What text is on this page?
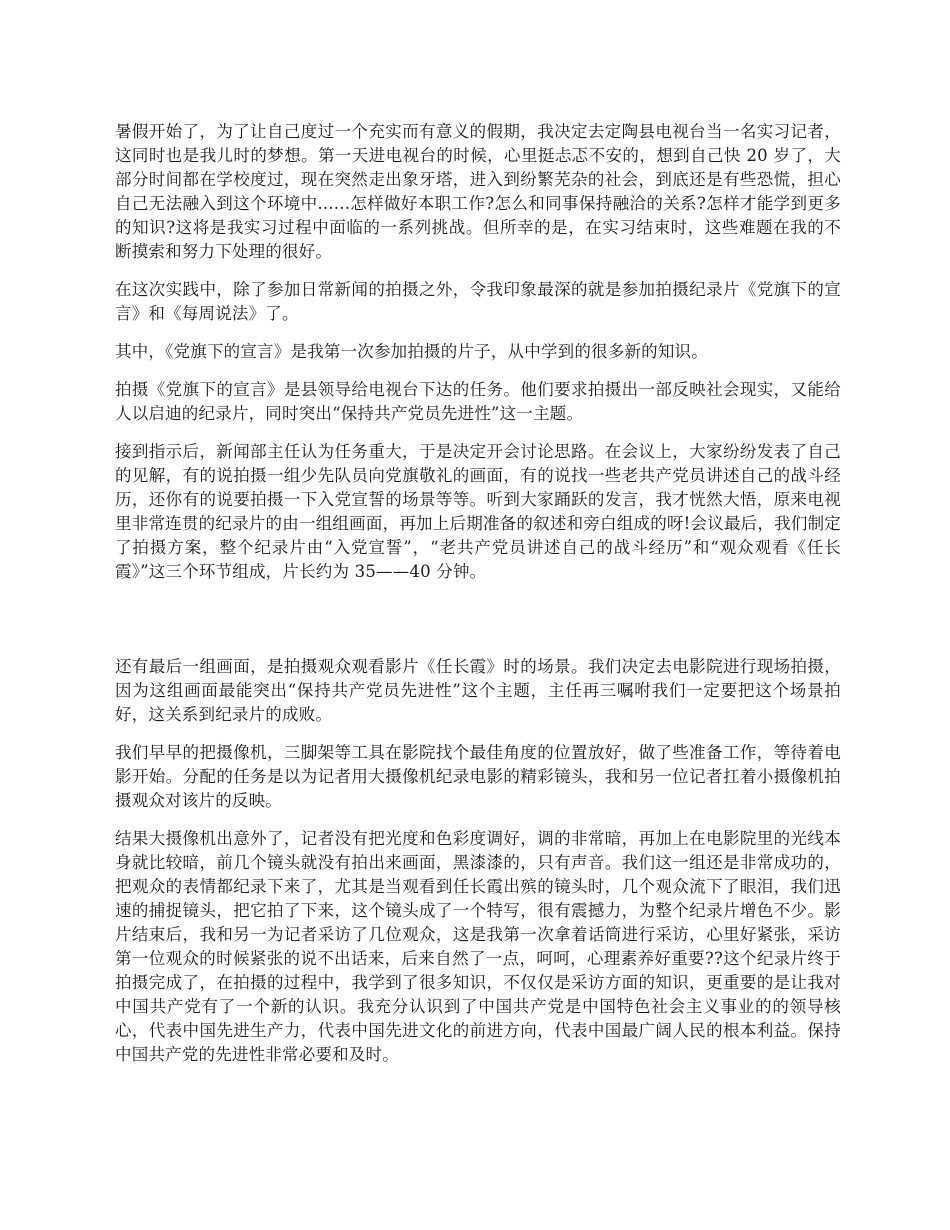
暑假开始了，为了让自己度过一个充实而有意义的假期，我决定去定陶县电视台当一名实习记者，这同时也是我儿时的梦想。第一天进电视台的时候，心里挺忐忑不安的，想到自己快 20 岁了，大部分时间都在学校度过，现在突然走出象牙塔，进入到纷繁芜杂的社会，到底还是有些恐慌，担心自己无法融入到这个环境中......怎样做好本职工作?怎么和同事保持融洽的关系?怎样才能学到更多的知识?这将是我实习过程中面临的一系列挑战。但所幸的是，在实习结束时，这些难题在我的不断摸索和努力下处理的很好。

在这次实践中，除了参加日常新闻的拍摄之外，令我印象最深的就是参加拍摄纪录片《党旗下的宣言》和《每周说法》了。

其中，《党旗下的宣言》是我第一次参加拍摄的片子，从中学到的很多新的知识。

拍摄《党旗下的宣言》是县领导给电视台下达的任务。他们要求拍摄出一部反映社会现实，又能给人以启迪的纪录片，同时突出“保持共产党员先进性”这一主题。

接到指示后，新闻部主任认为任务重大，于是决定开会讨论思路。在会议上，大家纷纷发表了自己的见解，有的说拍摄一组少先队员向党旗敬礼的画面，有的说找一些老共产党员讲述自己的战斗经历，还你有的说要拍摄一下入党宣誓的场景等等。听到大家踊跃的发言，我才恍然大悟，原来电视里非常连贯的纪录片的由一组组画面，再加上后期准备的叙述和旁白组成的呀!会议最后，我们制定了拍摄方案，整个纪录片由“入党宣誓”，“老共产党员讲述自己的战斗经历”和“观众观看《任长霞》”这三个环节组成，片长约为 35——40 分钟。

还有最后一组画面，是拍摄观众观看影片《任长霞》时的场景。我们决定去电影院进行现场拍摄，因为这组画面最能突出“保持共产党员先进性”这个主题，主任再三嘱咐我们一定要把这个场景拍好，这关系到纪录片的成败。

我们早早的把摄像机，三脚架等工具在影院找个最佳角度的位置放好，做了些准备工作，等待着电影开始。分配的任务是以为记者用大摄像机纪录电影的精彩镜头，我和另一位记者扛着小摄像机拍摄观众对该片的反映。

结果大摄像机出意外了，记者没有把光度和色彩度调好，调的非常暗，再加上在电影院里的光线本身就比较暗，前几个镜头就没有拍出来画面，黑漆漆的，只有声音。我们这一组还是非常成功的，把观众的表情都纪录下来了，尤其是当观看到任长霞出殡的镜头时，几个观众流下了眼泪，我们迅速的捕捉镜头，把它拍了下来，这个镜头成了一个特写，很有震撼力，为整个纪录片增色不少。影片结束后，我和另一为记者采访了几位观众，这是我第一次拿着话筒进行采访，心里好紧张，采访第一位观众的时候紧张的说不出话来，后来自然了一点，呵呵，心理素养好重要??这个纪录片终于拍摄完成了，在拍摄的过程中，我学到了很多知识，不仅仅是采访方面的知识，更重要的是让我对中国共产党有了一个新的认识。我充分认识到了中国共产党是中国特色社会主义事业的的领导核心，代表中国先进生产力，代表中国先进文化的前进方向，代表中国最广阔人民的根本利益。保持中国共产党的先进性非常必要和及时。
